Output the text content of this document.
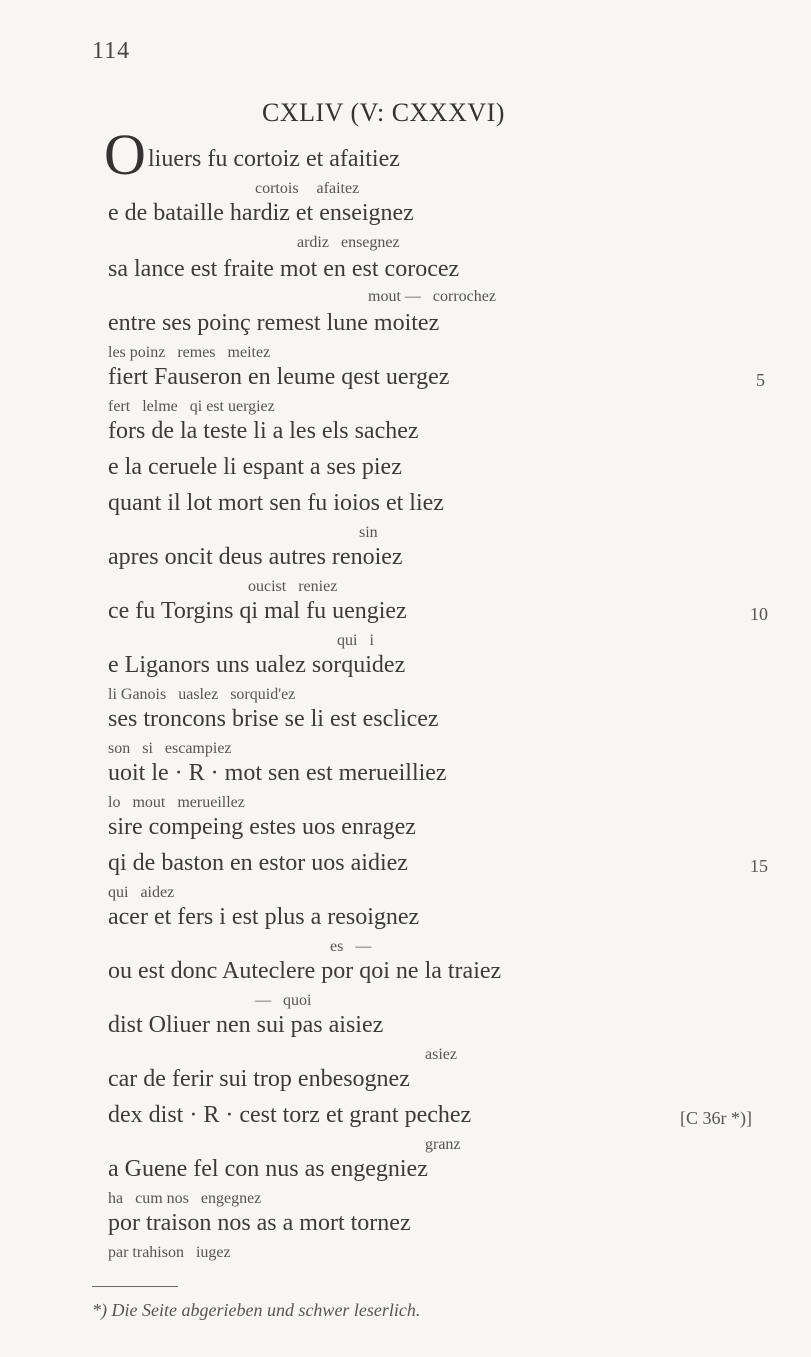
114
CXLIV (V: CXXXVI)
O liuers fu cortoiz et afaitiez
cortois   afaitez
e de bataille hardiz et enseignez
ardiz   ensegnez
sa lance est fraite mot en est corocez
mout —   corrochez
entre ses poinç remest lune moitez
les poinz   remes   meitez
fiert Fauseron en leume qest uergez
fert   lelme   qi est uergiez
fors de la teste li a les els sachez
e la ceruele li espant a ses piez
quant il lot mort sen fu ioios et liez
sin
apres oncit deus autres renoiez
oucist   reniez
ce fu Torgins qi mal fu uengiez
qui   i
e Liganors uns ualez sorquidez
li Ganois   uaslez   sorquid'ez
ses troncons brise se li est esclicez
son   si   escampiez
uoit le · R · mot sen est merueilliez
lo   mout   merueillez
sire compeing estes uos enragez
qi de baston en estor uos aidiez
qui   aidez
acer et fers i est plus a resoignez
es   —
ou est donc Auteclere por qoi ne la traiez
—   quoi
dist Oliuer nen sui pas aisiez
asiez
car de ferir sui trop enbesognez
dex dist · R · cest torz et grant pechez
granz
a Guene fel con nus as engegniez
ha   cum nos   engegnez
por traison nos as a mort tornez
par trahison   iugez
5
10
15
[C 36r *)]
*) Die Seite abgerieben und schwer leserlich.
